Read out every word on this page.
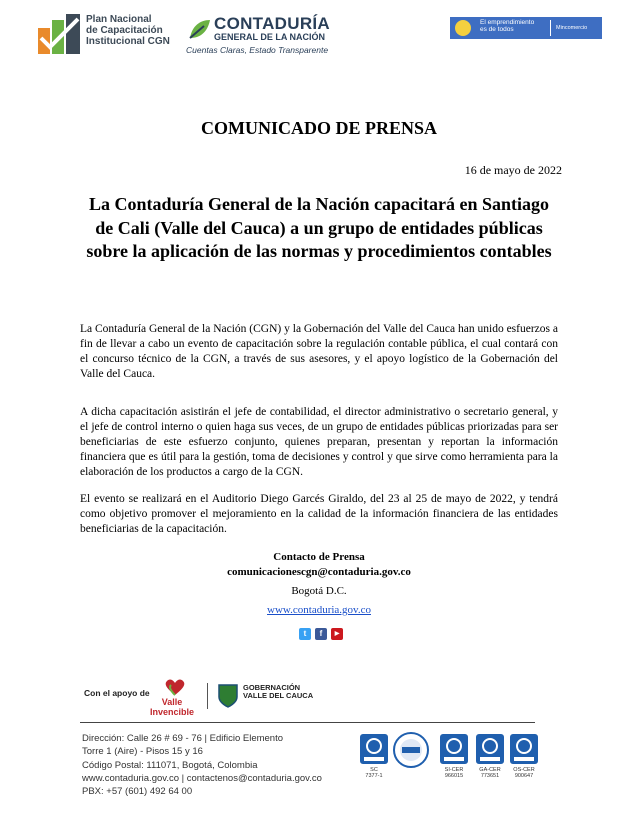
Plan Nacional
de Capacitación
Institucional CGN
CONTADURÍA
GENERAL DE LA NACIÓN
Cuentas Claras, Estado Transparente
El emprendimiento
es de todos	Mincomercio
COMUNICADO DE PRENSA
16 de mayo de 2022
La Contaduría General de la Nación capacitará en Santiago de Cali (Valle del Cauca) a un grupo de entidades públicas sobre la aplicación de las normas y procedimientos contables
La Contaduría General de la Nación (CGN) y la Gobernación del Valle del Cauca han unido esfuerzos a fin de llevar a cabo un evento de capacitación sobre la regulación contable pública, el cual contará con el concurso técnico de la CGN, a través de sus asesores, y el apoyo logístico de la Gobernación del Valle del Cauca.
A dicha capacitación asistirán el jefe de contabilidad, el director administrativo o secretario general, y el jefe de control interno o quien haga sus veces, de un grupo de entidades públicas priorizadas para ser beneficiarias de este esfuerzo conjunto, quienes preparan, presentan y reportan la información financiera que es útil para la gestión, toma de decisiones y control y que sirve como herramienta para la elaboración de los productos a cargo de la CGN.
El evento se realizará en el Auditorio Diego Garcés Giraldo, del 23 al 25 de mayo de 2022, y tendrá como objetivo promover el mejoramiento en la calidad de la información financiera de las entidades beneficiarias de la capacitación.
Contacto de Prensa
comunicacionescgn@contaduria.gov.co
Bogotá D.C.
www.contaduria.gov.co
t	f	▶
Con el apoyo de
Valle
Invencible
GOBERNACIÓN
VALLE DEL CAUCA
Dirección: Calle 26 # 69 - 76 | Edificio Elemento
Torre 1 (Aire) - Pisos 15 y 16
Código Postal: 111071, Bogotá, Colombia
www.contaduria.gov.co | contactenos@contaduria.gov.co
PBX: +57 (601) 492 64 00
SC
7377-1
SI-CER
966015
GA-CER
773651
OS-CER
900647
